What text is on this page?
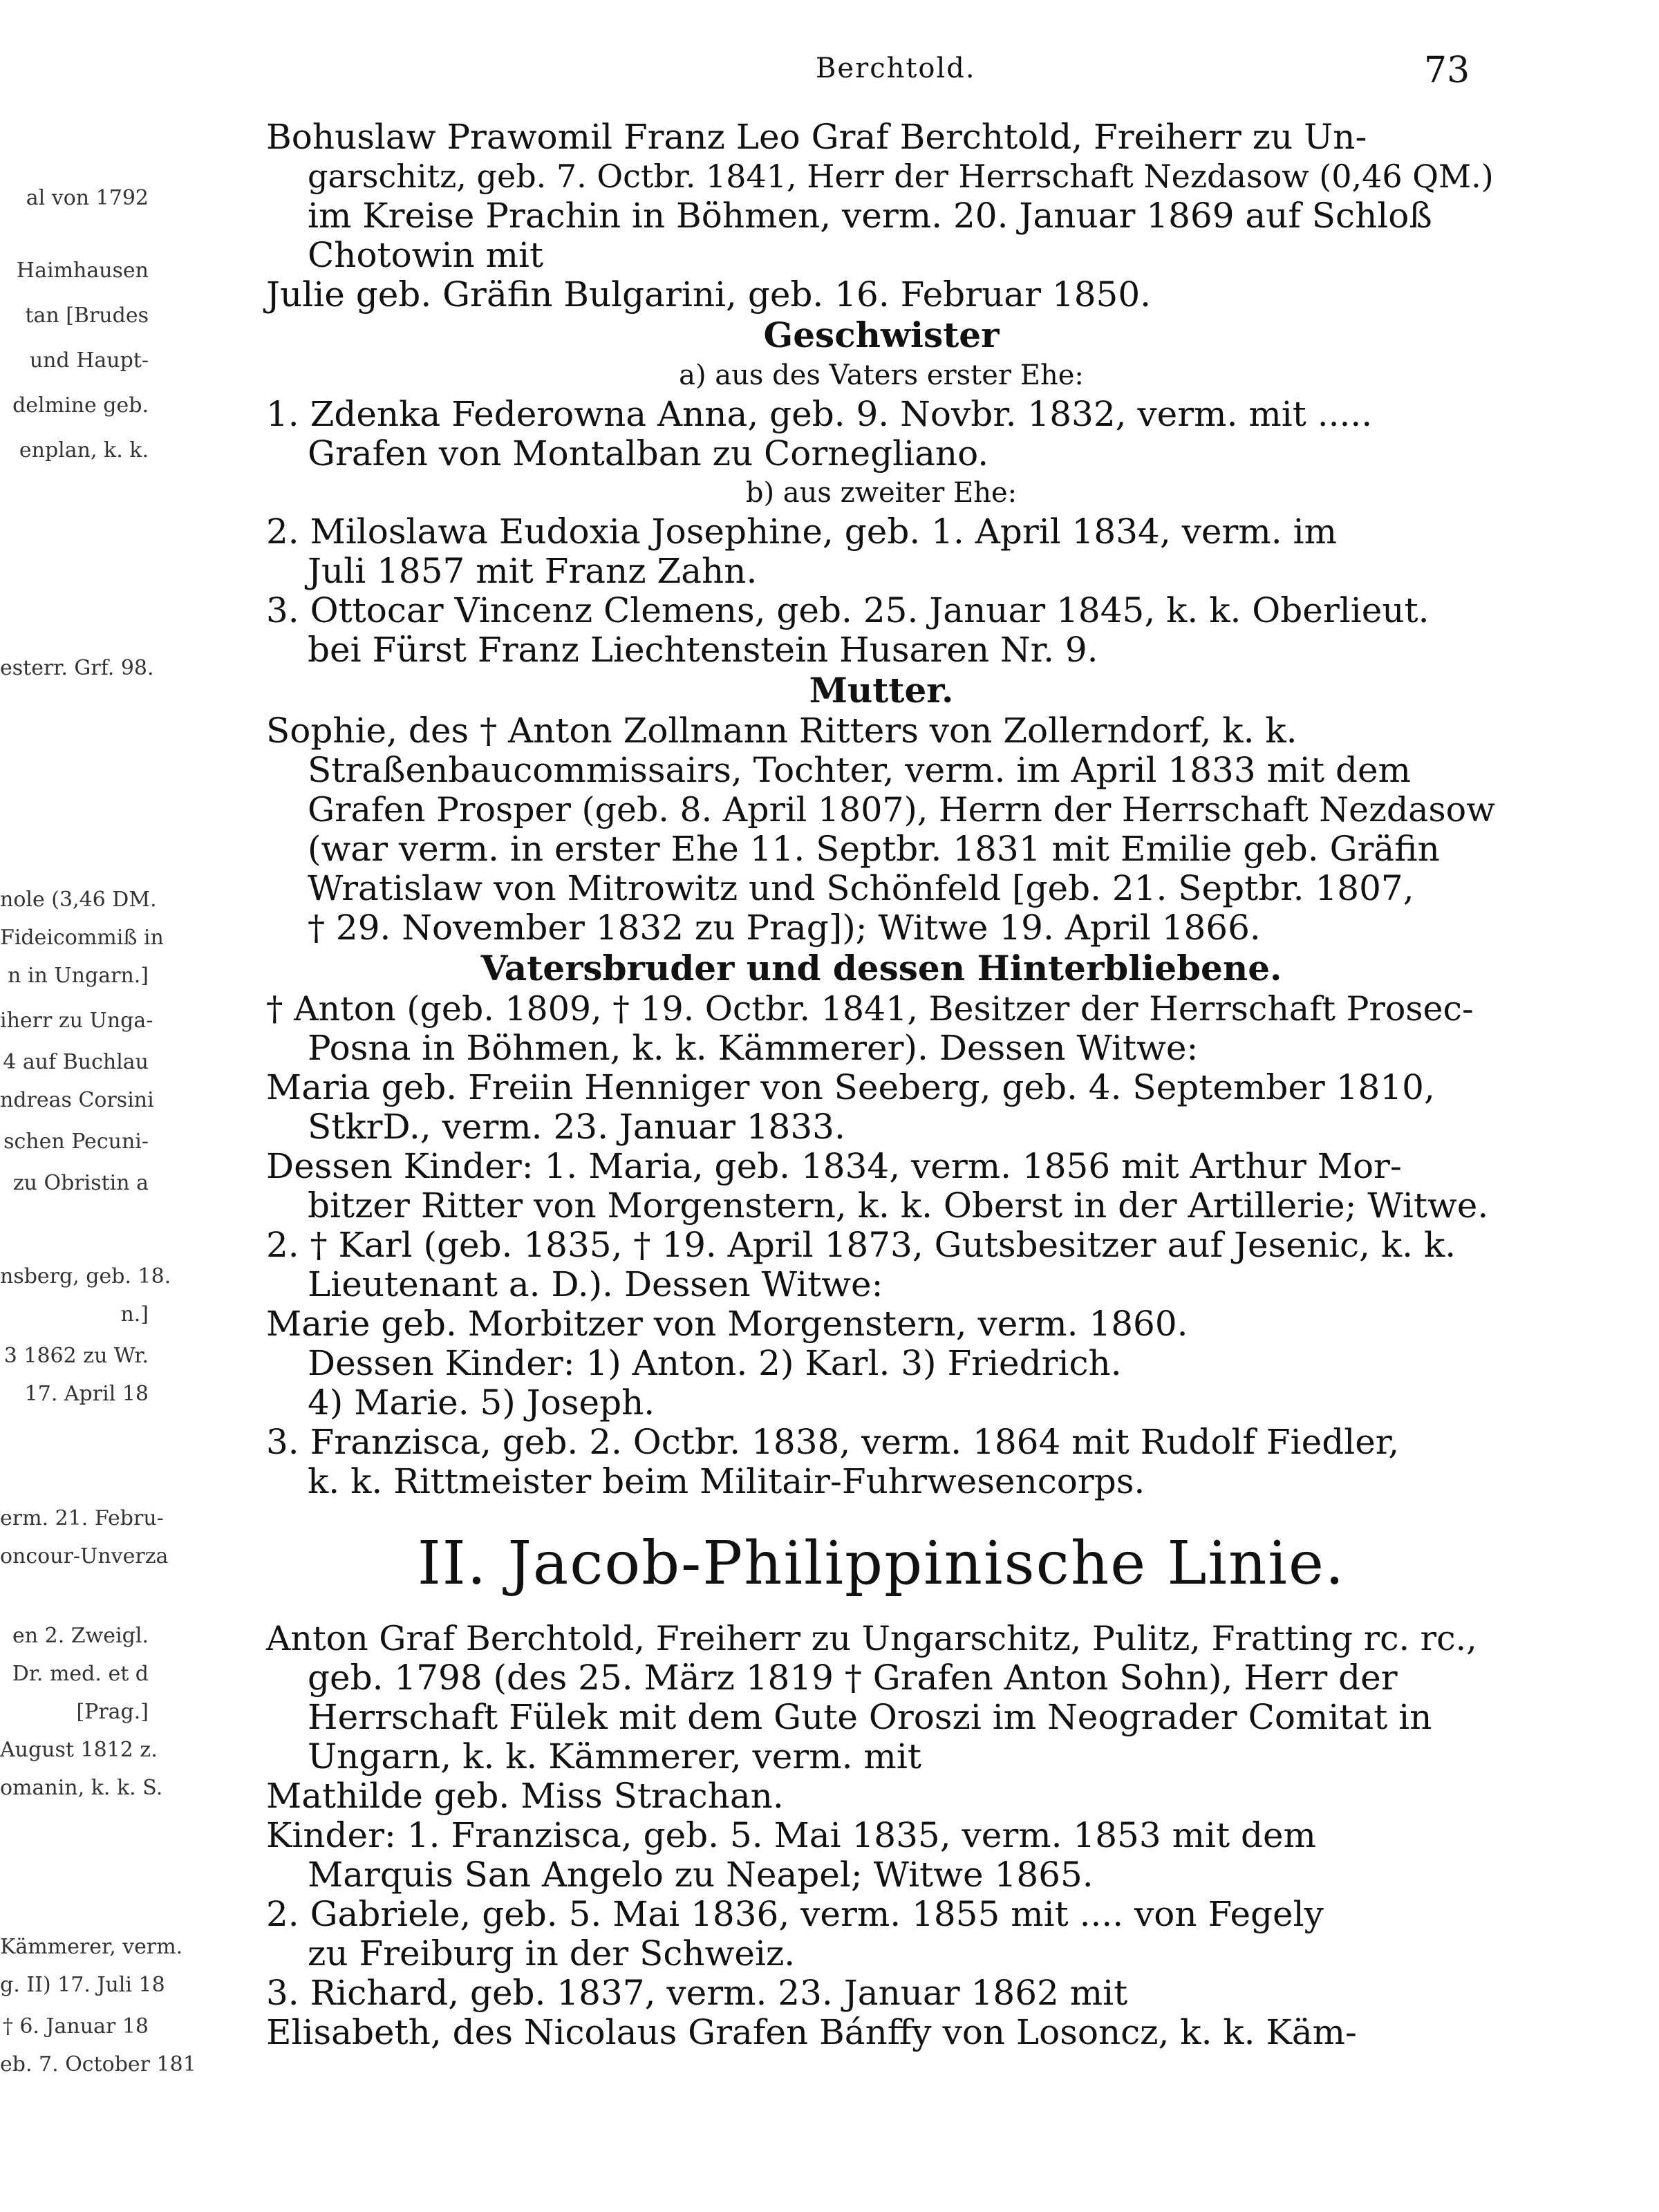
al von 1792
Haimhausen
tan [Brudes
und Haupt-
delmine geb.
enplan, k. k.
esterr. Grf. 98.
nole (3,46 DM.
Fideicommiß in
n in Ungarn.]
iherr zu Unga-
4 auf Buchlau
ndreas Corsini
schen Pecuni-
zu Obristin a
nsberg, geb. 18.
n.]
3 1862 zu Wr.
17. April 18
erm. 21. Febru-
oncour-Unverza
en 2. Zweigl.
Dr. med. et d
[Prag.]
August 1812 z.
omanin, k. k. S.
Kämmerer, verm.
g. II) 17. Juli 18
† 6. Januar 18
eb. 7. October 181
Berchtold.	73
Bohuslaw Prawomil Franz Leo Graf Berchtold, Freiherr zu Un-
garschitz, geb. 7. Octbr. 1841, Herr der Herrschaft Nezdasow (0,46 QM.)
im Kreise Prachin in Böhmen, verm. 20. Januar 1869 auf Schloß
Chotowin mit
Julie geb. Gräfin Bulgarini, geb. 16. Februar 1850.
Geschwister
a) aus des Vaters erster Ehe:
1. Zdenka Federowna Anna, geb. 9. Novbr. 1832, verm. mit .....
Grafen von Montalban zu Cornegliano.
b) aus zweiter Ehe:
2. Miloslawa Eudoxia Josephine, geb. 1. April 1834, verm. im
Juli 1857 mit Franz Zahn.
3. Ottocar Vincenz Clemens, geb. 25. Januar 1845, k. k. Oberlieut.
bei Fürst Franz Liechtenstein Husaren Nr. 9.
Mutter.
Sophie, des † Anton Zollmann Ritters von Zollerndorf, k. k.
Straßenbaucommissairs, Tochter, verm. im April 1833 mit dem
Grafen Prosper (geb. 8. April 1807), Herrn der Herrschaft Nezdasow
(war verm. in erster Ehe 11. Septbr. 1831 mit Emilie geb. Gräfin
Wratislaw von Mitrowitz und Schönfeld [geb. 21. Septbr. 1807,
† 29. November 1832 zu Prag]); Witwe 19. April 1866.
Vatersbruder und dessen Hinterbliebene.
† Anton (geb. 1809, † 19. Octbr. 1841, Besitzer der Herrschaft Prosec-
Posna in Böhmen, k. k. Kämmerer). Dessen Witwe:
Maria geb. Freiin Henniger von Seeberg, geb. 4. September 1810,
StkrD., verm. 23. Januar 1833.
Dessen Kinder: 1. Maria, geb. 1834, verm. 1856 mit Arthur Mor-
bitzer Ritter von Morgenstern, k. k. Oberst in der Artillerie; Witwe.
2. † Karl (geb. 1835, † 19. April 1873, Gutsbesitzer auf Jesenic, k. k.
Lieutenant a. D.). Dessen Witwe:
Marie geb. Morbitzer von Morgenstern, verm. 1860.
Dessen Kinder: 1) Anton. 2) Karl. 3) Friedrich.
4) Marie. 5) Joseph.
3. Franzisca, geb. 2. Octbr. 1838, verm. 1864 mit Rudolf Fiedler,
k. k. Rittmeister beim Militair-Fuhrwesencorps.
II. Jacob-Philippinische Linie.
Anton Graf Berchtold, Freiherr zu Ungarschitz, Pulitz, Fratting rc. rc.,
geb. 1798 (des 25. März 1819 † Grafen Anton Sohn), Herr der
Herrschaft Fülek mit dem Gute Oroszi im Neograder Comitat in
Ungarn, k. k. Kämmerer, verm. mit
Mathilde geb. Miss Strachan.
Kinder: 1. Franzisca, geb. 5. Mai 1835, verm. 1853 mit dem
Marquis San Angelo zu Neapel; Witwe 1865.
2. Gabriele, geb. 5. Mai 1836, verm. 1855 mit .... von Fegely
zu Freiburg in der Schweiz.
3. Richard, geb. 1837, verm. 23. Januar 1862 mit
Elisabeth, des Nicolaus Grafen Bánffy von Losoncz, k. k. Käm-
